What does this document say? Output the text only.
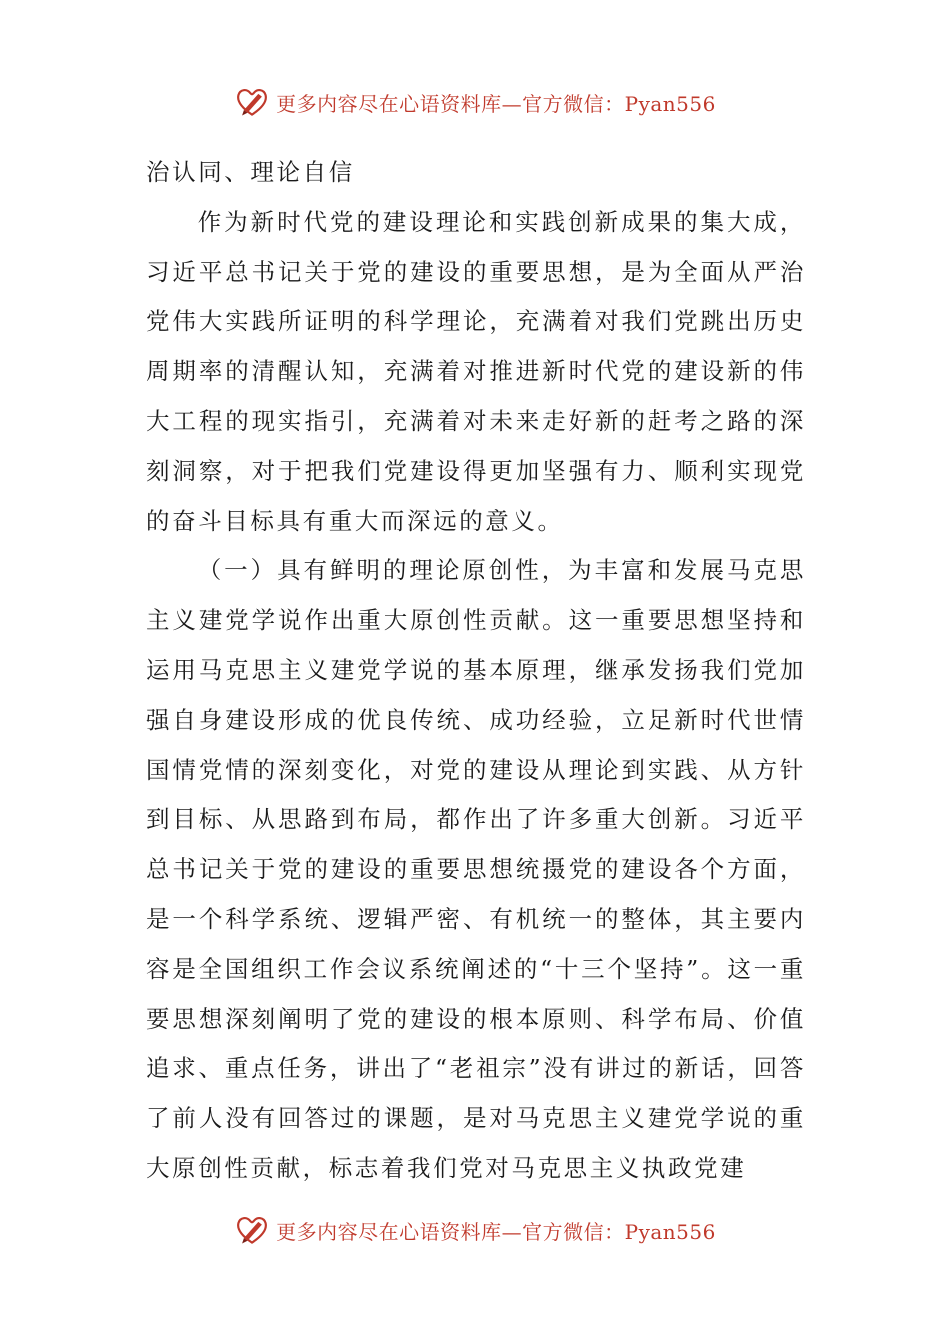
更多内容尽在心语资料库—官方微信：Pyan556

治认同、理论自信

作为新时代党的建设理论和实践创新成果的集大成，习近平总书记关于党的建设的重要思想，是为全面从严治党伟大实践所证明的科学理论，充满着对我们党跳出历史周期率的清醒认知，充满着对推进新时代党的建设新的伟大工程的现实指引，充满着对未来走好新的赶考之路的深刻洞察，对于把我们党建设得更加坚强有力、顺利实现党的奋斗目标具有重大而深远的意义。

（一）具有鲜明的理论原创性，为丰富和发展马克思主义建党学说作出重大原创性贡献。这一重要思想坚持和运用马克思主义建党学说的基本原理，继承发扬我们党加强自身建设形成的优良传统、成功经验，立足新时代世情国情党情的深刻变化，对党的建设从理论到实践、从方针到目标、从思路到布局，都作出了许多重大创新。习近平总书记关于党的建设的重要思想统摄党的建设各个方面，是一个科学系统、逻辑严密、有机统一的整体，其主要内容是全国组织工作会议系统阐述的“十三个坚持”。这一重要思想深刻阐明了党的建设的根本原则、科学布局、价值追求、重点任务，讲出了“老祖宗”没有讲过的新话，回答了前人没有回答过的课题，是对马克思主义建党学说的重大原创性贡献，标志着我们党对马克思主义执政党建

更多内容尽在心语资料库—官方微信：Pyan556
